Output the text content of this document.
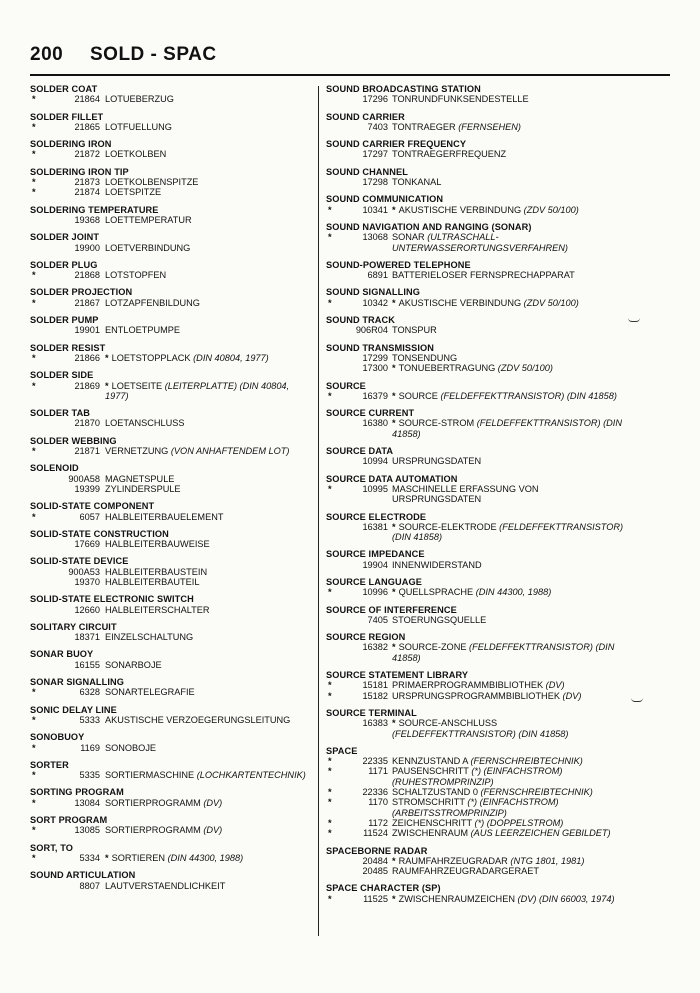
200 SOLD - SPAC
SOLDER COAT
*	21864 LOTUEBERZUG
SOLDER FILLET
*	21865 LOTFUELLUNG
SOLDERING IRON
*	21872 LOETKOLBEN
SOLDERING IRON TIP
*	21873 LOETKOLBENSPITZE
*	21874 LOETSPITZE
SOLDERING TEMPERATURE
19368 LOETTEMPERATUR
SOLDER JOINT
19900 LOETVERBINDUNG
SOLDER PLUG
*	21868 LOTSTOPFEN
SOLDER PROJECTION
*	21867 LOTZAPFENBILDUNG
SOLDER PUMP
19901 ENTLOETPUMPE
SOLDER RESIST
*	21866 * LOETSTOPPLACK (DIN 40804, 1977)
SOLDER SIDE
*	21869 * LOETSEITE (LEITERPLATTE) (DIN 40804, 1977)
SOLDER TAB
21870 LOETANSCHLUSS
SOLDER WEBBING
*	21871 VERNETZUNG (VON ANHAFTENDEM LOT)
SOLENOID
900A58 MAGNETSPULE
19399 ZYLINDERSPULE
SOLID-STATE COMPONENT
*	6057 HALBLEITERBAUELEMENT
SOLID-STATE CONSTRUCTION
17669 HALBLEITERBAUWEISE
SOLID-STATE DEVICE
900A53 HALBLEITERBAUSTEIN
19370 HALBLEITERBAUTEIL
SOLID-STATE ELECTRONIC SWITCH
12660 HALBLEITERSCHALTER
SOLITARY CIRCUIT
18371 EINZELSCHALTUNG
SONAR BUOY
16155 SONARBOJE
SONAR SIGNALLING
*	6328 SONARTELEGRAFIE
SONIC DELAY LINE
*	5333 AKUSTISCHE VERZOEGERUNGSLEITUNG
SONOBUOY
*	1169 SONOBOJE
SORTER
*	5335 SORTIERMASCHINE (LOCHKARTENTECHNIK)
SORTING PROGRAM
*	13084 SORTIERPROGRAMM (DV)
SORT PROGRAM
*	13085 SORTIERPROGRAMM (DV)
SORT, TO
*	5334 * SORTIEREN (DIN 44300, 1988)
SOUND ARTICULATION
8807 LAUTVERSTAENDLICHKEIT
SOUND BROADCASTING STATION
17296 TONRUNDFUNKSENDESTELLE
SOUND CARRIER
7403 TONTRAEGER (FERNSEHEN)
SOUND CARRIER FREQUENCY
17297 TONTRAEGERFREQUENZ
SOUND CHANNEL
17298 TONKANAL
SOUND COMMUNICATION
*	10341 * AKUSTISCHE VERBINDUNG (ZDV 50/100)
SOUND NAVIGATION AND RANGING (SONAR)
*	13068 SONAR (ULTRASCHALL-
UNTERWASSERORTUNGSVERFAHREN)
SOUND-POWERED TELEPHONE
6891 BATTERIELOSER FERNSPRECHAPPARAT
SOUND SIGNALLING
*	10342 * AKUSTISCHE VERBINDUNG (ZDV 50/100)
SOUND TRACK
906R04 TONSPUR
SOUND TRANSMISSION
17299 TONSENDUNG
17300 * TONUEBERTRAGUNG (ZDV 50/100)
SOURCE
*	16379 * SOURCE (FELDEFFEKTTRANSISTOR) (DIN 41858)
SOURCE CURRENT
16380 * SOURCE-STROM (FELDEFFEKTTRANSISTOR) (DIN
41858)
SOURCE DATA
10994 URSPRUNGSDATEN
SOURCE DATA AUTOMATION
*	10995 MASCHINELLE ERFASSUNG VON
URSPRUNGSDATEN
SOURCE ELECTRODE
16381 * SOURCE-ELEKTRODE (FELDEFFEKTTRANSISTOR)
(DIN 41858)
SOURCE IMPEDANCE
19904 INNENWIDERSTAND
SOURCE LANGUAGE
*	10996 * QUELLSPRACHE (DIN 44300, 1988)
SOURCE OF INTERFERENCE
7405 STOERUNGSQUELLE
SOURCE REGION
16382 * SOURCE-ZONE (FELDEFFEKTTRANSISTOR) (DIN
41858)
SOURCE STATEMENT LIBRARY
*	15181 PRIMAERPROGRAMMBIBLIOTHEK (DV)
*	15182 URSPRUNGSPROGRAMMBIBLIOTHEK (DV)
SOURCE TERMINAL
16383 * SOURCE-ANSCHLUSS
(FELDEFFEKTTRANSISTOR) (DIN 41858)
SPACE
*	22335 KENNZUSTAND A (FERNSCHREIBTECHNIK)
*	1171 PAUSENSCHRITT (*) (EINFACHSTROM)
(RUHESTROMPRINZIP)
*	22336 SCHALTZUSTAND 0 (FERNSCHREIBTECHNIK)
*	1170 STROMSCHRITT (*) (EINFACHSTROM)
(ARBEITSSTROMPRINZIP)
*	1172 ZEICHENSCHRITT (*) (DOPPELSTROM)
*	11524 ZWISCHENRAUM (AUS LEERZEICHEN GEBILDET)
SPACEBORNE RADAR
20484 * RAUMFAHRZEUGRADAR (NTG 1801, 1981)
20485 RAUMFAHRZEUGRADARGERAET
SPACE CHARACTER (SP)
*	11525 * ZWISCHENRAUMZEICHEN (DV) (DIN 66003, 1974)
